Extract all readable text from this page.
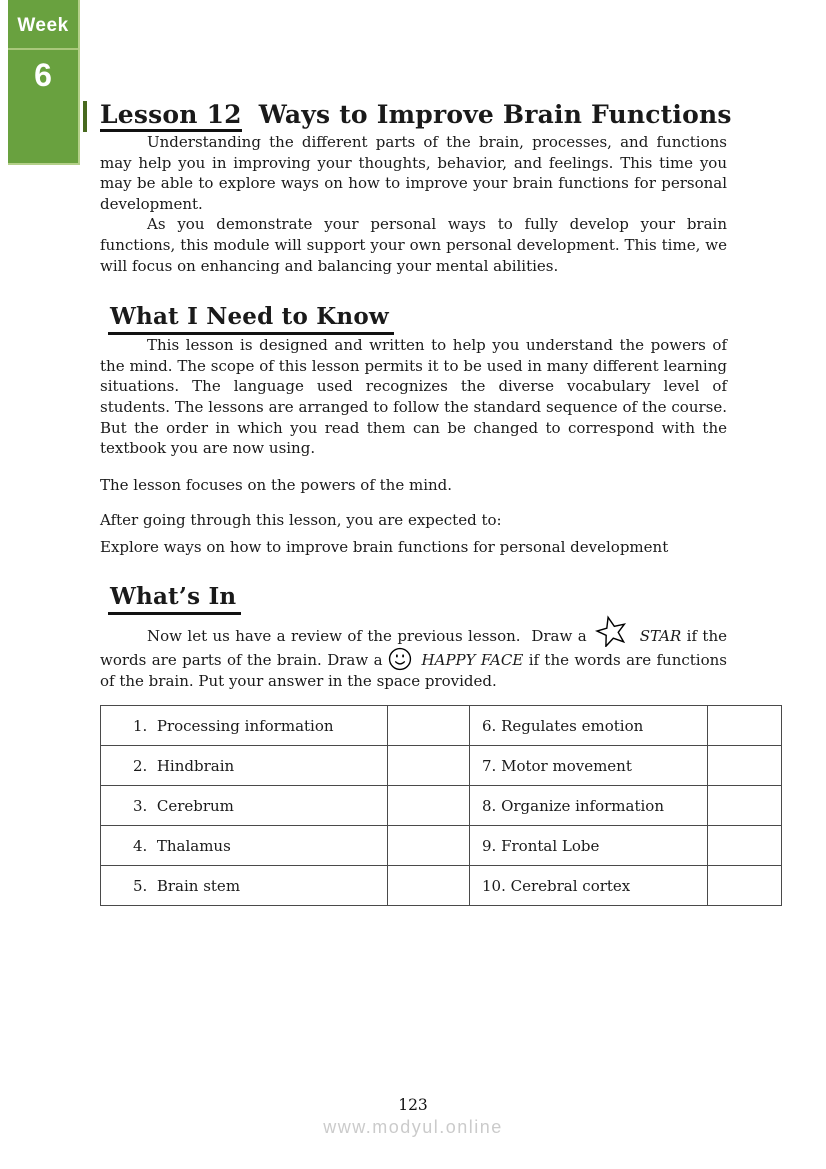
Week
6
Lesson 12 Ways to Improve Brain Functions

Understanding the different parts of the brain, processes, and functions may help you in improving your thoughts, behavior, and feelings. This time you may be able to explore ways on how to improve your brain functions for personal development.

As you demonstrate your personal ways to fully develop your brain functions, this module will support your own personal development. This time, we will focus on enhancing and balancing your mental abilities.

What I Need to Know

This lesson is designed and written to help you understand the powers of the mind. The scope of this lesson permits it to be used in many different learning situations. The language used recognizes the diverse vocabulary level of students. The lessons are arranged to follow the standard sequence of the course. But the order in which you read them can be changed to correspond with the textbook you are now using.

The lesson focuses on the powers of the mind.

After going through this lesson, you are expected to:

Explore ways on how to improve brain functions for personal development

What’s In

Now let us have a review of the previous lesson.  Draw a	STAR if the words are parts of the brain. Draw a	HAPPY FACE if the words are functions of the brain. Put your answer in the space provided.

1.  Processing information		6. Regulates emotion	
2.  Hindbrain		7. Motor movement	
3.  Cerebrum		8. Organize information	
4.  Thalamus		9. Frontal Lobe	
5.  Brain stem		10. Cerebral cortex	
123
www.modyul.online
